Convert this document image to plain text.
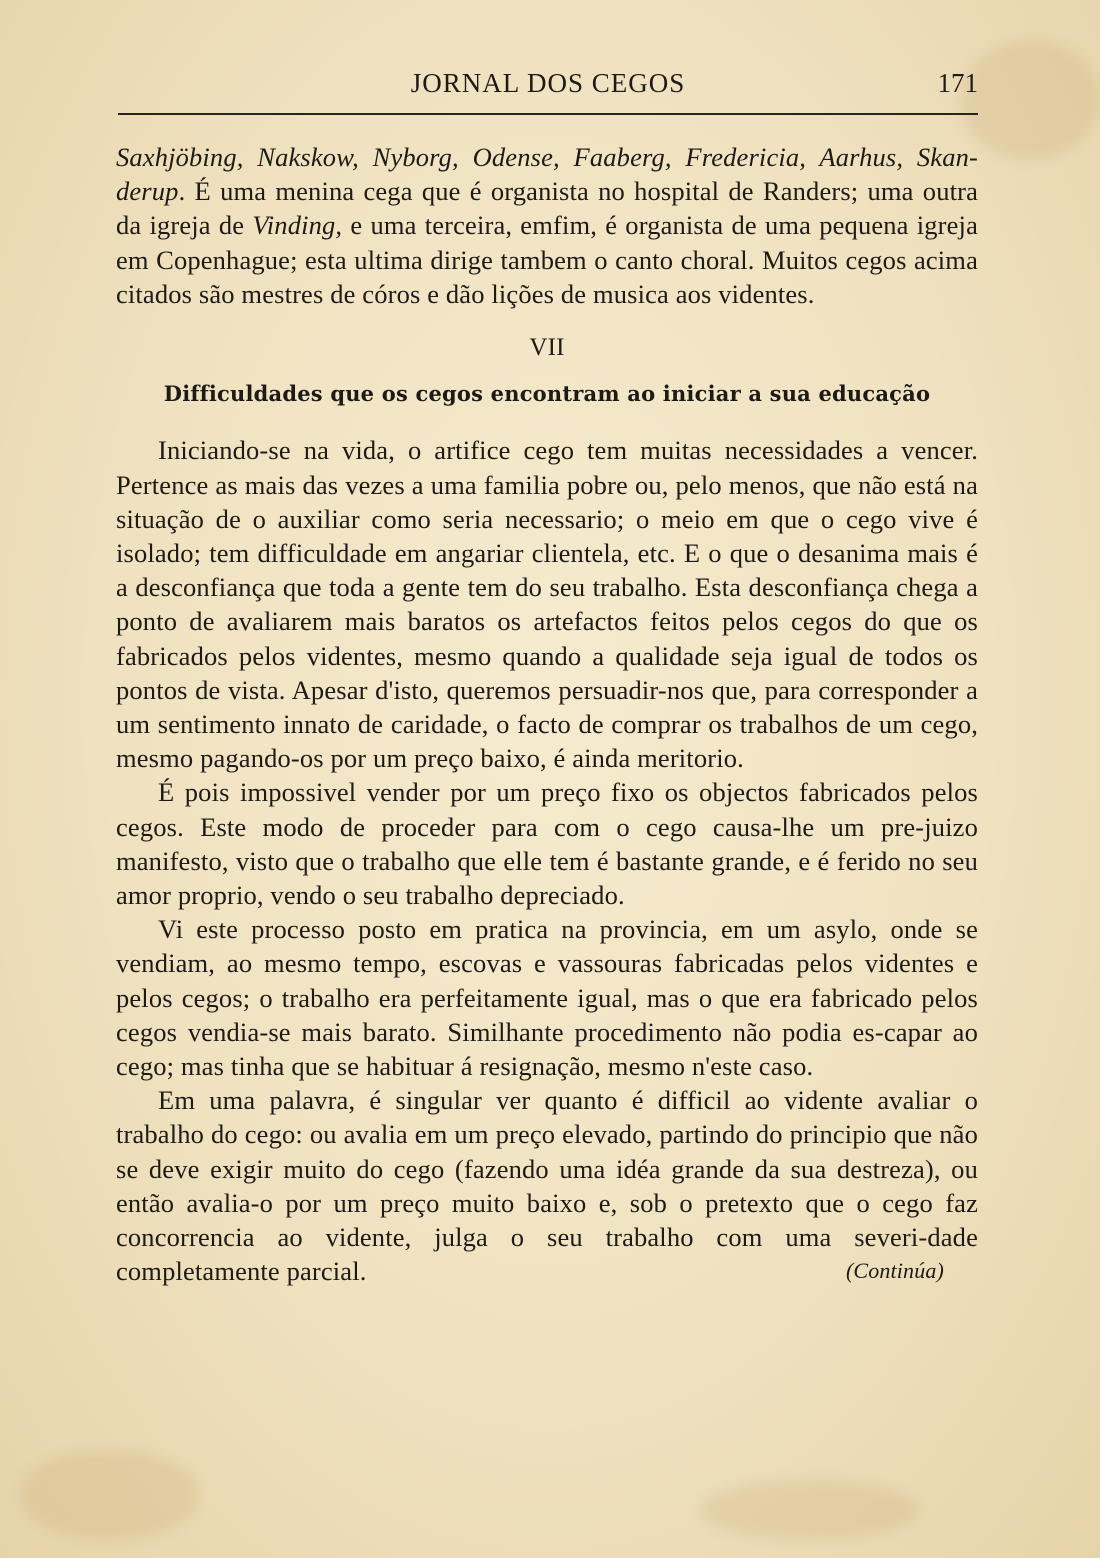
JORNAL DOS CEGOS	171

Saxhjöbing, Nakskow, Nyborg, Odense, Faaberg, Fredericia, Aarhus, Skan-derup. É uma menina cega que é organista no hospital de Randers; uma outra da igreja de Vinding, e uma terceira, emfim, é organista de uma pequena igreja em Copenhague; esta ultima dirige tambem o canto choral. Muitos cegos acima citados são mestres de córos e dão lições de musica aos videntes.

VII

Difficuldades que os cegos encontram ao iniciar a sua educação

Iniciando-se na vida, o artifice cego tem muitas necessidades a vencer. Pertence as mais das vezes a uma familia pobre ou, pelo menos, que não está na situação de o auxiliar como seria necessario; o meio em que o cego vive é isolado; tem difficuldade em angariar clientela, etc. E o que o desanima mais é a desconfiança que toda a gente tem do seu trabalho. Esta desconfiança chega a ponto de avaliarem mais baratos os artefactos feitos pelos cegos do que os fabricados pelos videntes, mesmo quando a qualidade seja igual de todos os pontos de vista. Apesar d'isto, queremos persuadir-nos que, para corresponder a um sentimento innato de caridade, o facto de comprar os trabalhos de um cego, mesmo pagando-os por um preço baixo, é ainda meritorio.

É pois impossivel vender por um preço fixo os objectos fabricados pelos cegos. Este modo de proceder para com o cego causa-lhe um pre-juizo manifesto, visto que o trabalho que elle tem é bastante grande, e é ferido no seu amor proprio, vendo o seu trabalho depreciado.

Vi este processo posto em pratica na provincia, em um asylo, onde se vendiam, ao mesmo tempo, escovas e vassouras fabricadas pelos videntes e pelos cegos; o trabalho era perfeitamente igual, mas o que era fabricado pelos cegos vendia-se mais barato. Similhante procedimento não podia es-capar ao cego; mas tinha que se habituar á resignação, mesmo n'este caso.

Em uma palavra, é singular ver quanto é difficil ao vidente avaliar o trabalho do cego: ou avalia em um preço elevado, partindo do principio que não se deve exigir muito do cego (fazendo uma idéa grande da sua destreza), ou então avalia-o por um preço muito baixo e, sob o pretexto que o cego faz concorrencia ao vidente, julga o seu trabalho com uma severi-dade completamente parcial.	(Continúa)
